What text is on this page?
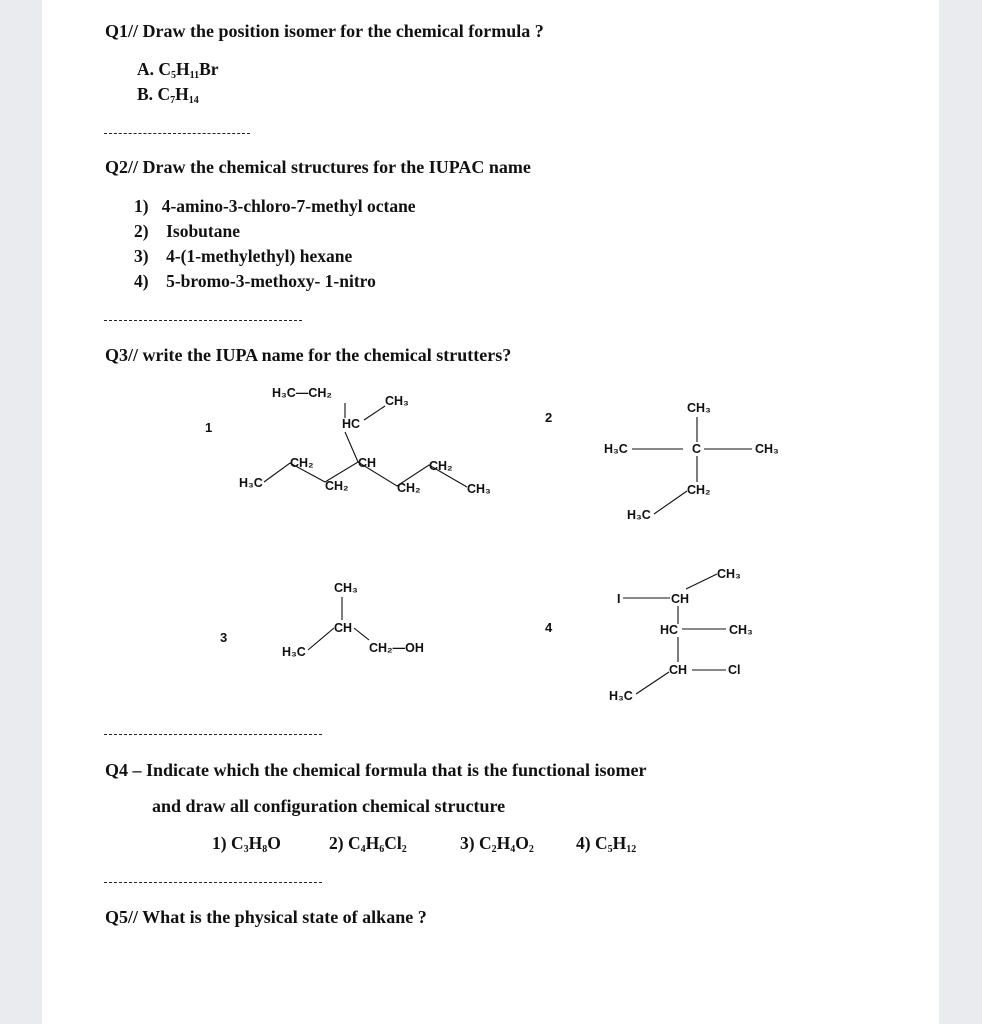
Q1// Draw the position isomer for the chemical formula ?
A. $C_5H_{11}Br$
B. $C_7H_{14}$
Q2// Draw the chemical structures for the IUPAC name
1) 4-amino-3-chloro-7-methyl octane
2) Isobutane
3) 4-(1-methylethyl) hexane
4) 5-bromo-3-methoxy- 1-nitro
Q3// write the IUPA name for the chemical strutters?
1
H₃C—CH₂
CH₃
HC
H₃C
CH₂
CH₂
CH
CH₂
CH₂
CH₃
2
CH₃
H₃C	C	CH₃
CH₂
H₃C
3
CH₃
CH
H₃C	CH₂—OH
4
CH₃
I	CH
HC	CH₃
CH	Cl
H₃C
Q4 – Indicate which the chemical formula that is the functional isomer
and draw all configuration chemical structure
1) $C_3H_8O$	2) $C_4H_6Cl_2$	3) $C_2H_4O_2$ 4) $C_5H_{12}$
Q5// What is the physical state of alkane ?
